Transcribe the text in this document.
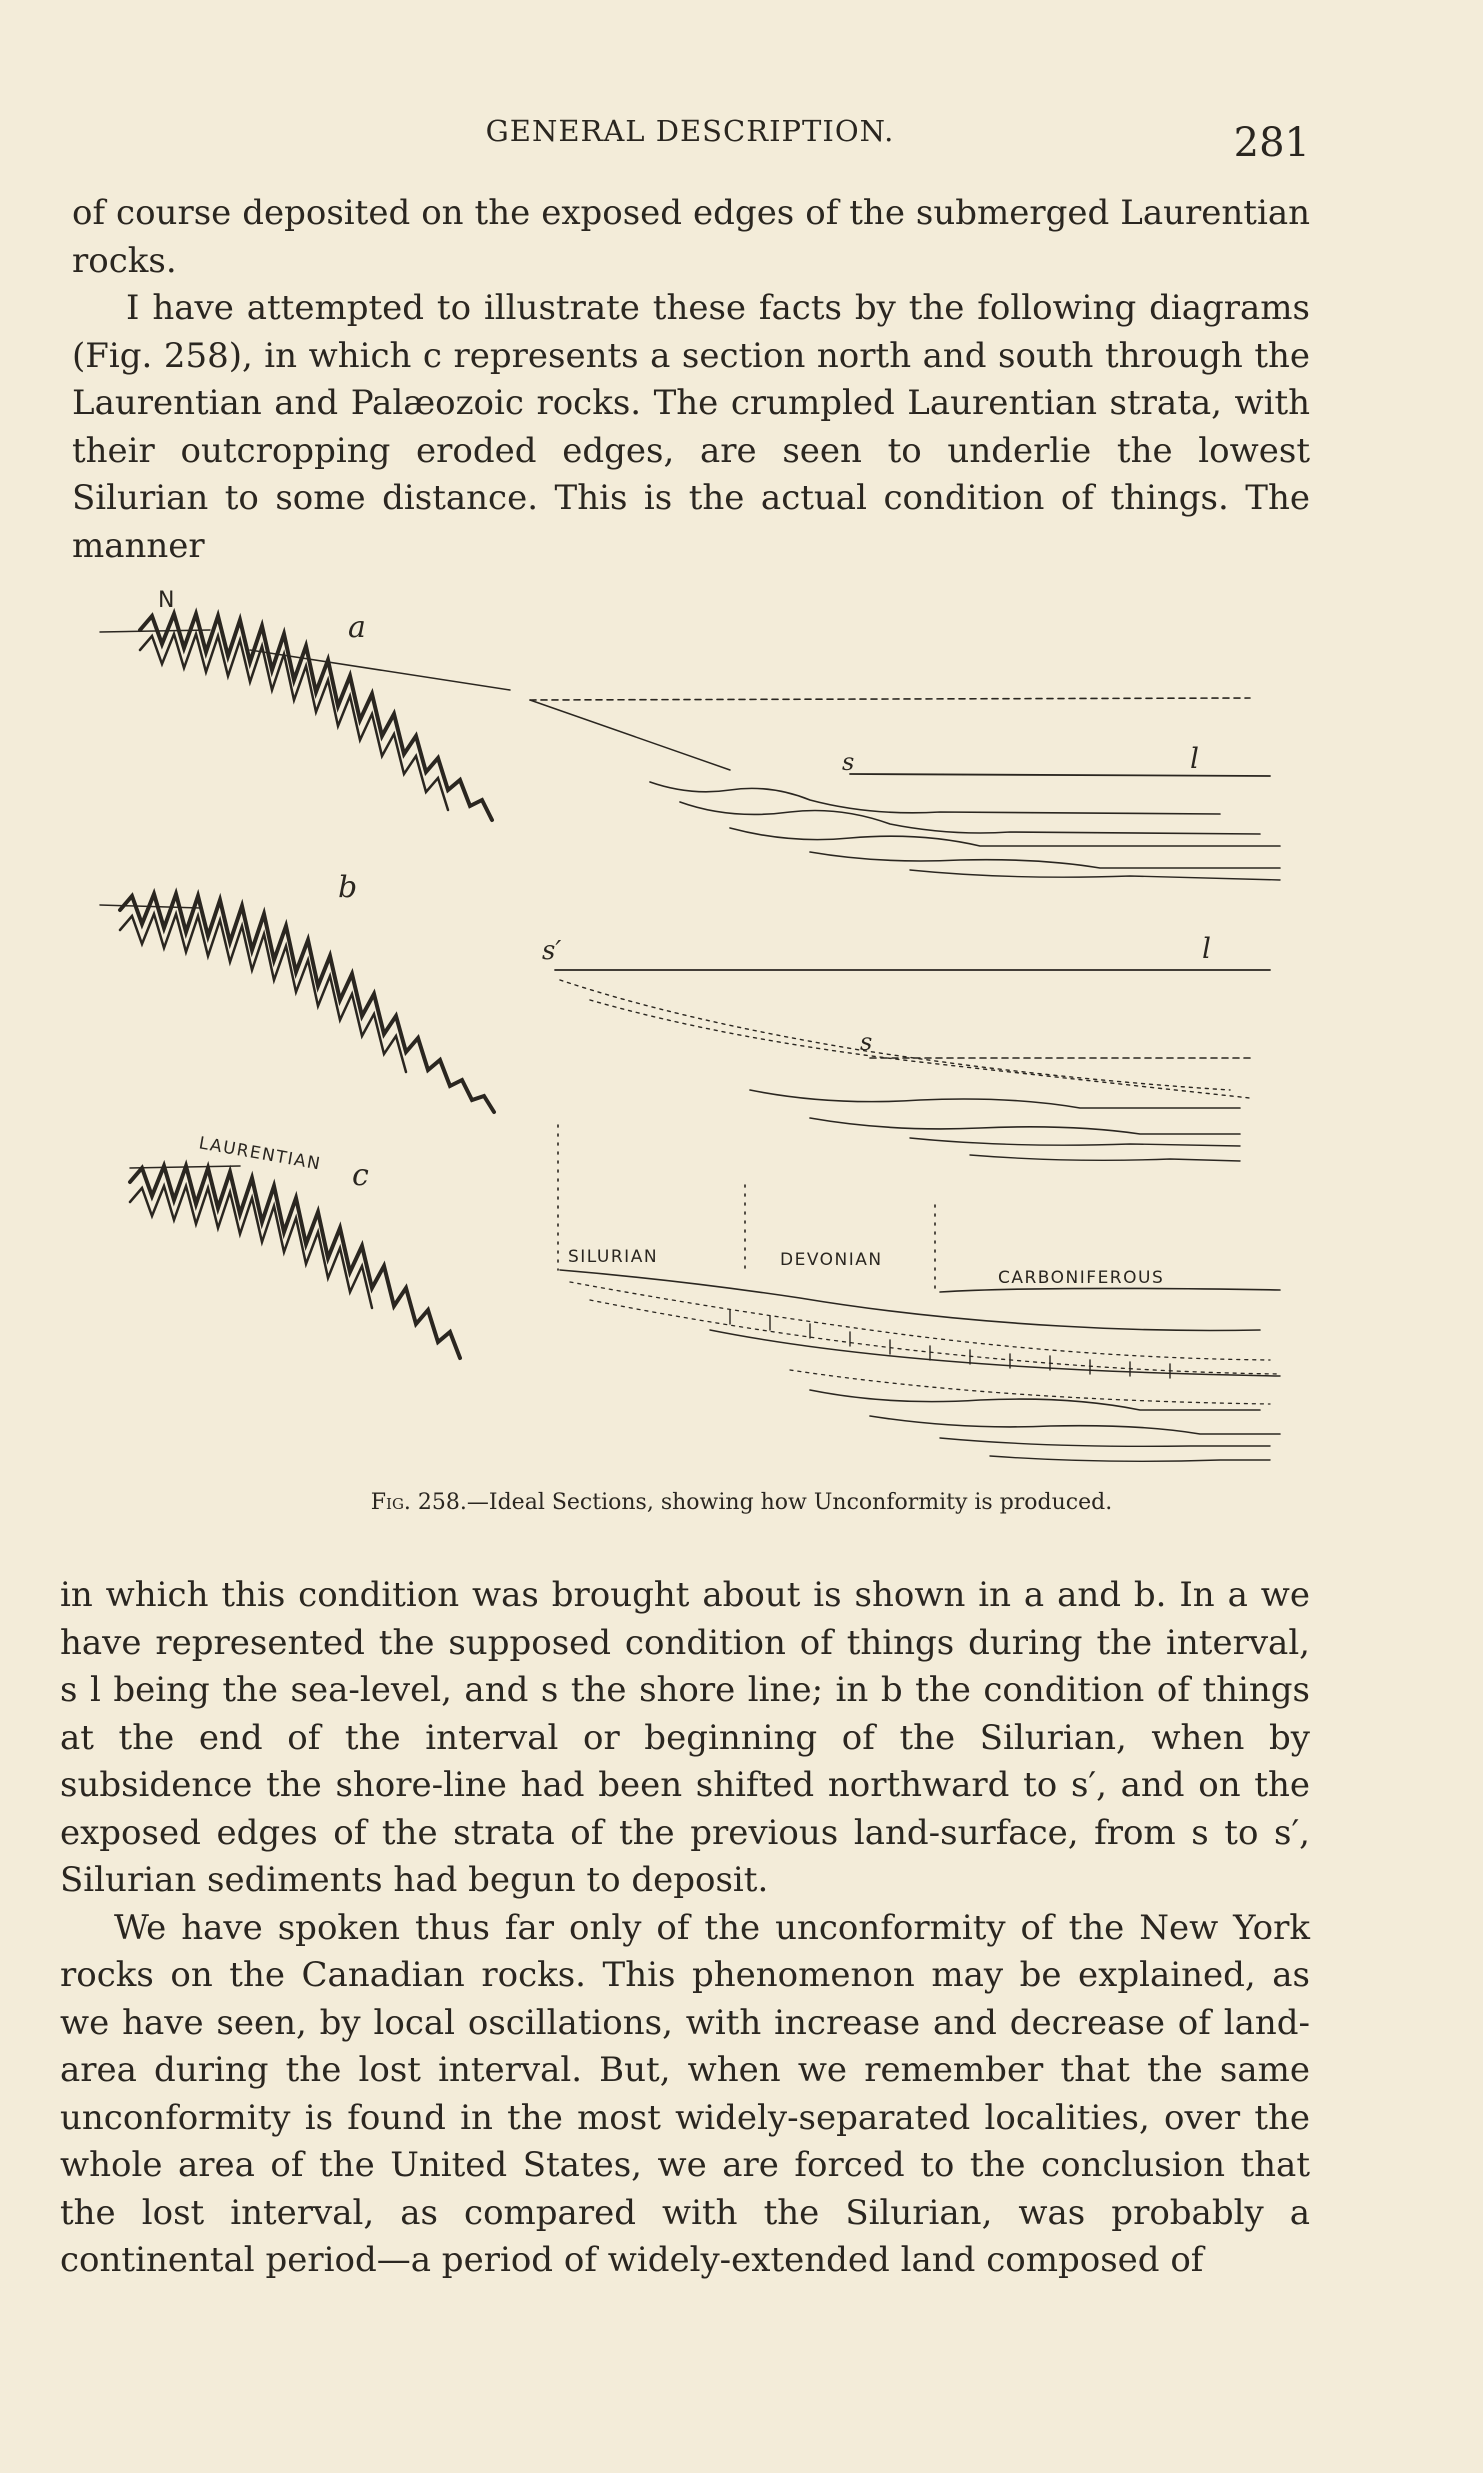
GENERAL DESCRIPTION.	281

of course deposited on the exposed edges of the submerged Laurentian rocks.

I have attempted to illustrate these facts by the following diagrams (Fig. 258), in which c represents a section north and south through the Laurentian and Palæozoic rocks. The crumpled Laurentian strata, with their outcropping eroded edges, are seen to underlie the lowest Silurian to some distance. This is the actual condition of things. The manner

N
a
s	l
b
s′	l
s
LAURENTIAN
c
SILURIAN	DEVONIAN
CARBONIFEROUS
Fig. 258.—Ideal Sections, showing how Unconformity is produced.

in which this condition was brought about is shown in a and b. In a we have represented the supposed condition of things during the interval, s l being the sea-level, and s the shore line; in b the condition of things at the end of the interval or beginning of the Silurian, when by subsidence the shore-line had been shifted northward to s′, and on the exposed edges of the strata of the previous land-surface, from s to s′, Silurian sediments had begun to deposit.

We have spoken thus far only of the unconformity of the New York rocks on the Canadian rocks. This phenomenon may be explained, as we have seen, by local oscillations, with increase and decrease of land-area during the lost interval. But, when we remember that the same unconformity is found in the most widely-separated localities, over the whole area of the United States, we are forced to the conclusion that the lost interval, as compared with the Silurian, was probably a continental period—a period of widely-extended land composed of
